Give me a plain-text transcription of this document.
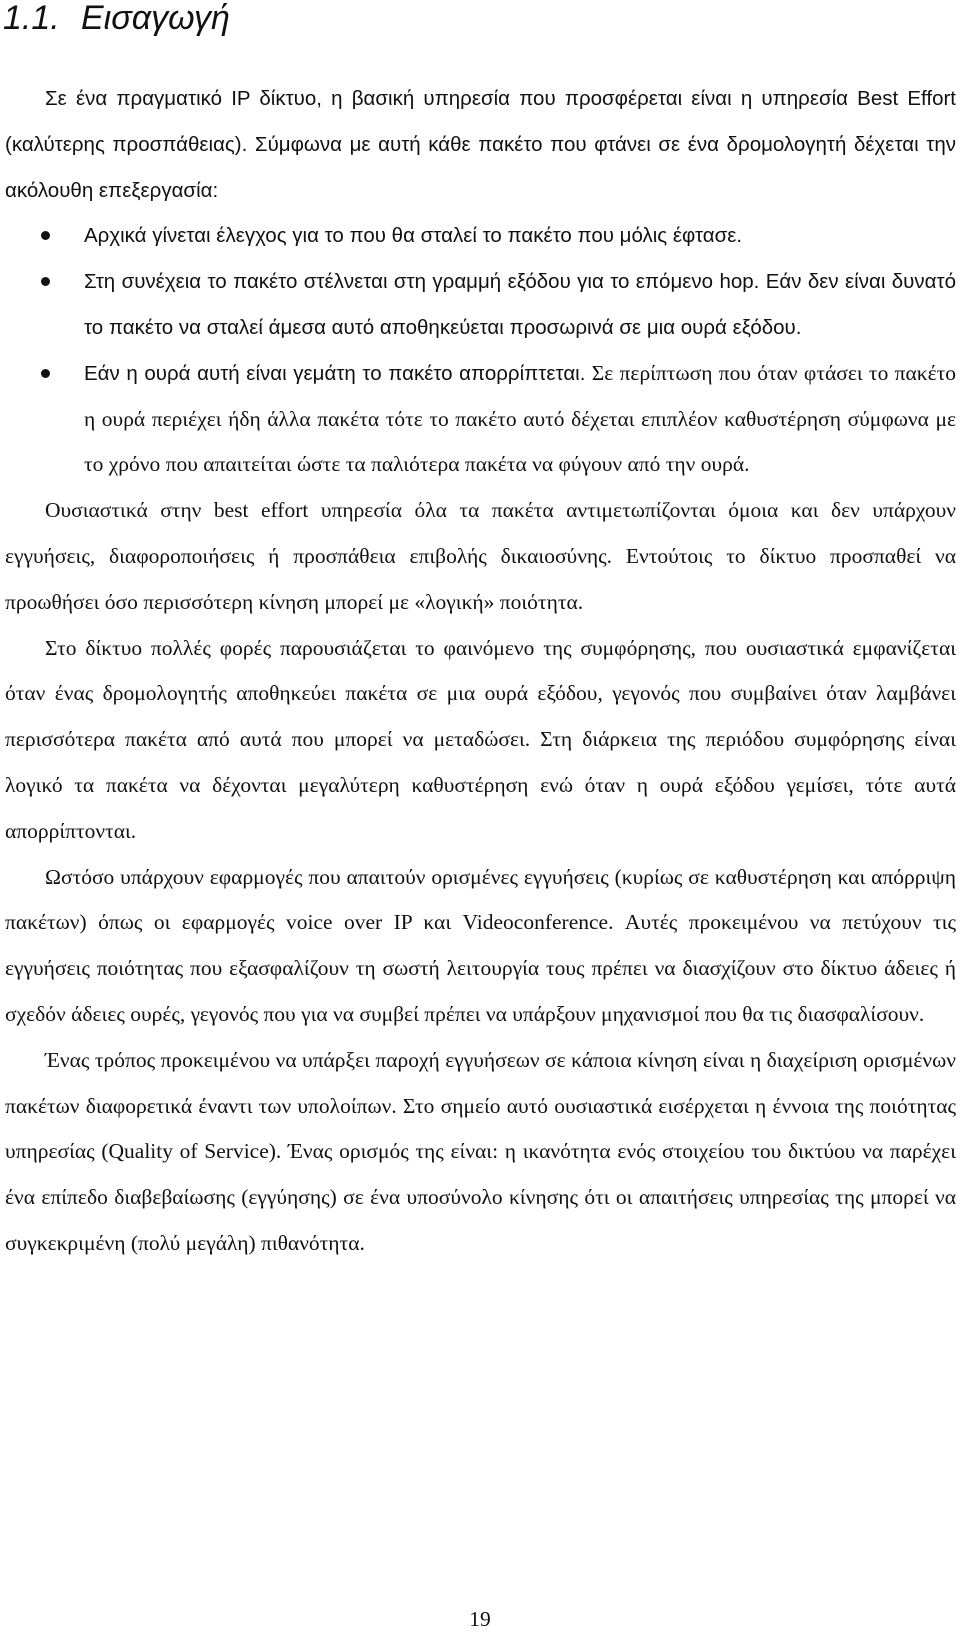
1.1. Εισαγωγή

Σε ένα πραγματικό IP δίκτυο, η βασική υπηρεσία που προσφέρεται είναι η υπηρεσία Best Effort (καλύτερης προσπάθειας). Σύμφωνα με αυτή κάθε πακέτο που φτάνει σε ένα δρομολογητή δέχεται την ακόλουθη επεξεργασία:

Αρχικά γίνεται έλεγχος για το που θα σταλεί το πακέτο που μόλις έφτασε.
Στη συνέχεια το πακέτο στέλνεται στη γραμμή εξόδου για το επόμενο hop. Εάν δεν είναι δυνατό το πακέτο να σταλεί άμεσα αυτό αποθηκεύεται προσωρινά σε μια ουρά εξόδου.
Εάν η ουρά αυτή είναι γεμάτη το πακέτο απορρίπτεται. Σε περίπτωση που όταν φτάσει το πακέτο η ουρά περιέχει ήδη άλλα πακέτα τότε το πακέτο αυτό δέχεται επιπλέον καθυστέρηση σύμφωνα με το χρόνο που απαιτείται ώστε τα παλιότερα πακέτα να φύγουν από την ουρά.

Ουσιαστικά στην best effort υπηρεσία όλα τα πακέτα αντιμετωπίζονται όμοια και δεν υπάρχουν εγγυήσεις, διαφοροποιήσεις ή προσπάθεια επιβολής δικαιοσύνης. Εντούτοις το δίκτυο προσπαθεί να προωθήσει όσο περισσότερη κίνηση μπορεί με «λογική» ποιότητα.

Στο δίκτυο πολλές φορές παρουσιάζεται το φαινόμενο της συμφόρησης, που ουσιαστικά εμφανίζεται όταν ένας δρομολογητής αποθηκεύει πακέτα σε μια ουρά εξόδου, γεγονός που συμβαίνει όταν λαμβάνει περισσότερα πακέτα από αυτά που μπορεί να μεταδώσει. Στη διάρκεια της περιόδου συμφόρησης είναι λογικό τα πακέτα να δέχονται μεγαλύτερη καθυστέρηση ενώ όταν η ουρά εξόδου γεμίσει, τότε αυτά απορρίπτονται.

Ωστόσο υπάρχουν εφαρμογές που απαιτούν ορισμένες εγγυήσεις (κυρίως σε καθυστέρηση και απόρριψη πακέτων) όπως οι εφαρμογές voice over IP και Videoconference. Αυτές προκειμένου να πετύχουν τις εγγυήσεις ποιότητας που εξασφαλίζουν τη σωστή λειτουργία τους πρέπει να διασχίζουν στο δίκτυο άδειες ή σχεδόν άδειες ουρές, γεγονός που για να συμβεί πρέπει να υπάρξουν μηχανισμοί που θα τις διασφαλίσουν.

Ένας τρόπος προκειμένου να υπάρξει παροχή εγγυήσεων σε κάποια κίνηση είναι η διαχείριση ορισμένων πακέτων διαφορετικά έναντι των υπολοίπων. Στο σημείο αυτό ουσιαστικά εισέρχεται η έννοια της ποιότητας υπηρεσίας (Quality of Service). Ένας ορισμός της είναι: η ικανότητα ενός στοιχείου του δικτύου να παρέχει ένα επίπεδο διαβεβαίωσης (εγγύησης) σε ένα υποσύνολο κίνησης ότι οι απαιτήσεις υπηρεσίας της μπορεί να συγκεκριμένη (πολύ μεγάλη) πιθανότητα.

19
